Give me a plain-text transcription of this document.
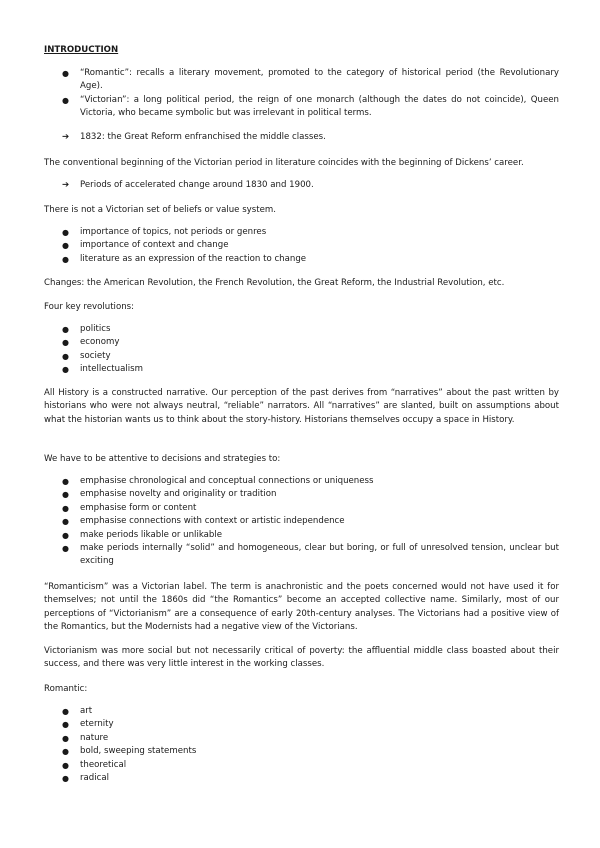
INTRODUCTION
● “Romantic”: recalls a literary movement, promoted to the category of historical period (the Revolutionary Age).
● “Victorian”: a long political period, the reign of one monarch (although the dates do not coincide), Queen Victoria, who became symbolic but was irrelevant in political terms.
➔ 1832: the Great Reform enfranchised the middle classes.
The conventional beginning of the Victorian period in literature coincides with the beginning of Dickens’ career.
➔ Periods of accelerated change around 1830 and 1900.
There is not a Victorian set of beliefs or value system.
● importance of topics, not periods or genres
● importance of context and change
● literature as an expression of the reaction to change
Changes: the American Revolution, the French Revolution, the Great Reform, the Industrial Revolution, etc.
Four key revolutions:
● politics
● economy
● society
● intellectualism
All History is a constructed narrative. Our perception of the past derives from “narratives” about the past written by historians who were not always neutral, “reliable” narrators. All “narratives” are slanted, built on assumptions about what the historian wants us to think about the story-history. Historians themselves occupy a space in History.
We have to be attentive to decisions and strategies to:
● emphasise chronological and conceptual connections or uniqueness
● emphasise novelty and originality or tradition
● emphasise form or content
● emphasise connections with context or artistic independence
● make periods likable or unlikable
● make periods internally “solid” and homogeneous, clear but boring, or full of unresolved tension, unclear but exciting
“Romanticism” was a Victorian label. The term is anachronistic and the poets concerned would not have used it for themselves; not until the 1860s did “the Romantics” become an accepted collective name. Similarly, most of our perceptions of “Victorianism” are a consequence of early 20th-century analyses. The Victorians had a positive view of the Romantics, but the Modernists had a negative view of the Victorians.
Victorianism was more social but not necessarily critical of poverty: the affluential middle class boasted about their success, and there was very little interest in the working classes.
Romantic:
● art
● eternity
● nature
● bold, sweeping statements
● theoretical
● radical
